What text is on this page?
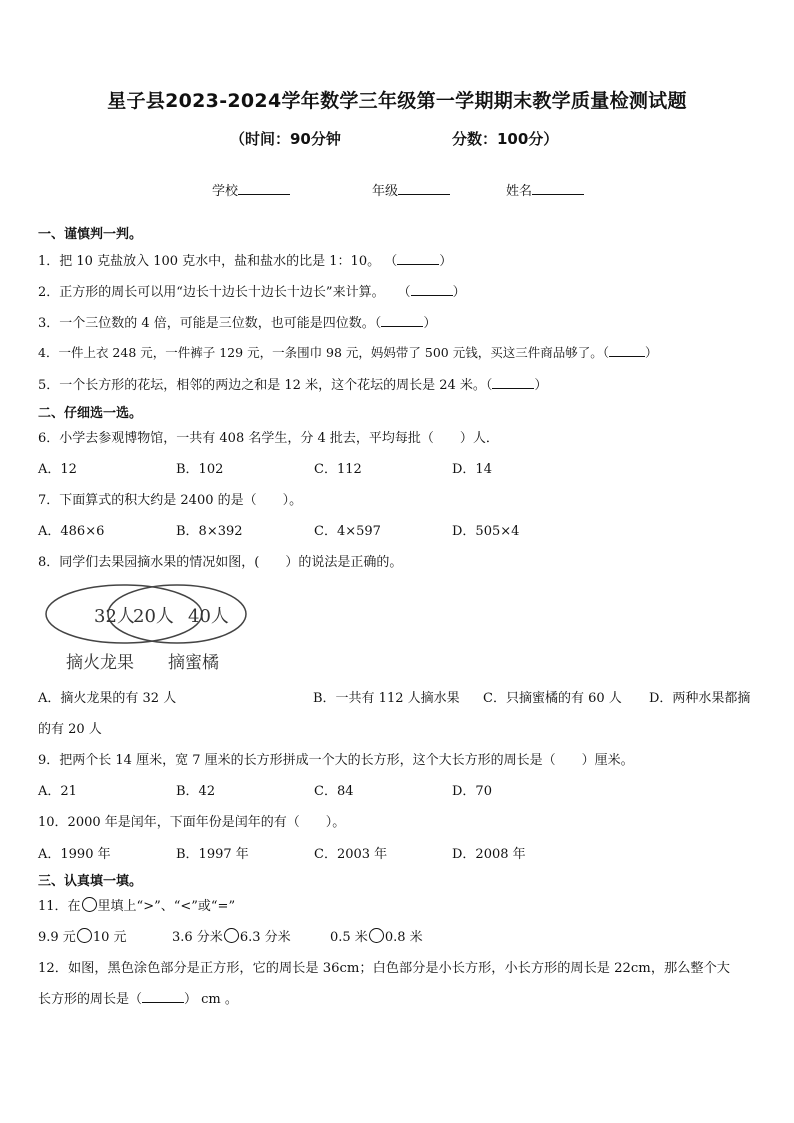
星子县2023-2024学年数学三年级第一学期期末教学质量检测试题
（时间：90分钟	分数：100分）
学校	年级	姓名
一、谨慎判一判。
1．把 10 克盐放入 100 克水中，盐和盐水的比是 1：10。 （	）
2．正方形的周长可以用“边长十边长十边长十边长”来计算。　　（	）
3．一个三位数的 4 倍，可能是三位数，也可能是四位数。（	）
4．一件上衣 248 元，一件裤子 129 元，一条围巾 98 元，妈妈带了 500 元钱，买这三件商品够了。（	）
5．一个长方形的花坛，相邻的两边之和是 12 米，这个花坛的周长是 24 米。（	）
二、仔细选一选。
6．小学去参观博物馆，一共有 408 名学生，分 4 批去，平均每批（　　）人．
A．12	B．102	C．112	D．14
7．下面算式的积大约是 2400 的是（　　）。
A．486×6	B．8×392	C．4×597	D．505×4
8．同学们去果园摘水果的情况如图，(　　）的说法是正确的。
32人
20人 40人
摘火龙果 摘蜜橘
A．摘火龙果的有 32 人	B．一共有 112 人摘水果 C．只摘蜜橘的有 60 人 D．两种水果都摘
的有 20 人
9．把两个长 14 厘米，宽 7 厘米的长方形拼成一个大的长方形，这个大长方形的周长是（　　）厘米。
A．21	B．42	C．84	D．70
10．2000 年是闰年，下面年份是闰年的有（　　）。
A．1990 年	B．1997 年	C．2003 年	D．2008 年
三、认真填一填。
11．在 里填上“>”、“<”或“=”
9.9 元 10 元	3.6 分米 6.3 分米	0.5 米 0.8 米
12．如图，黑色涂色部分是正方形，它的周长是 36cm；白色部分是小长方形，小长方形的周长是 22cm，那么整个大
长方形的周长是（	） cm 。
